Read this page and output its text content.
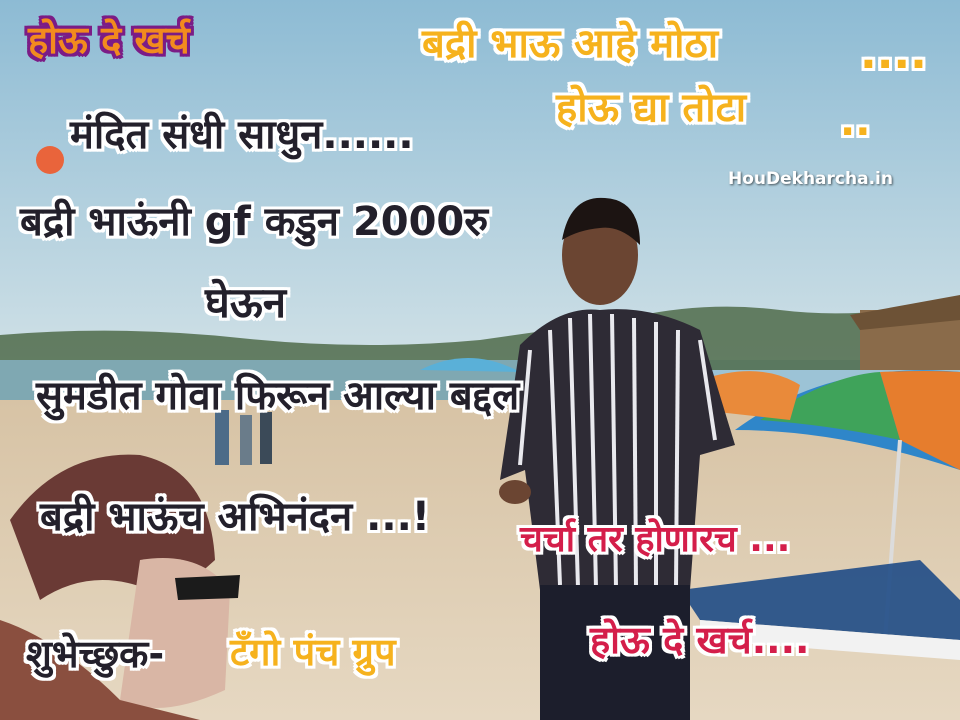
होऊ दे खर्च	बद्री भाऊ आहे मोठा	....

होऊ द्या तोटा ..

HouDekharcha.in

मंदित संधी साधुन......

बद्री भाऊंनी gf कडुन 2000रु

घेऊन

सुमडीत गोवा फिरून आल्या बद्दल

बद्री भाऊंच अभिनंदन ...! चर्चा तर होणारच ...

होऊ दे खर्च....

शुभेच्छुक- टँगो पंच ग्रुप
